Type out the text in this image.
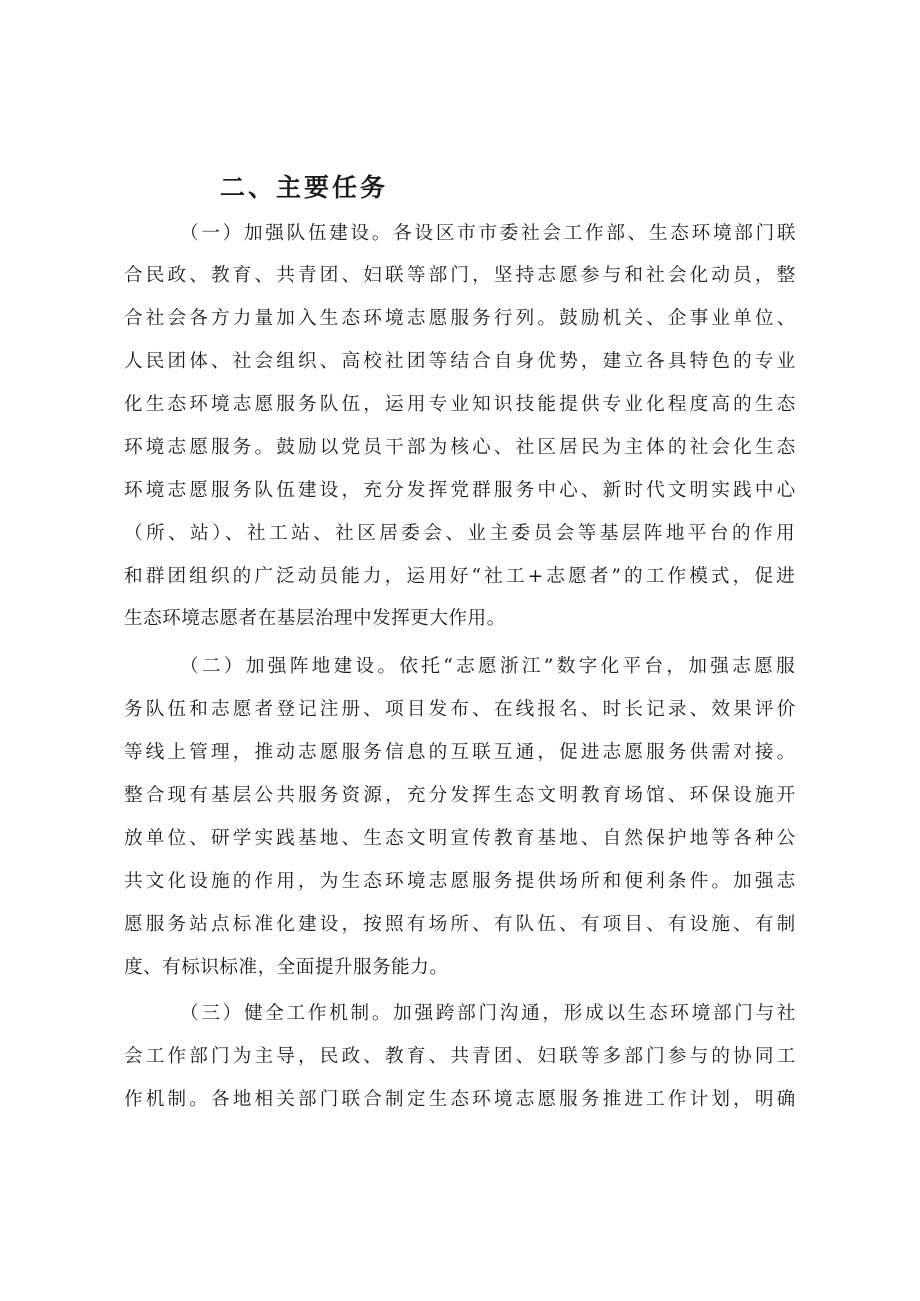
二、主要任务
（一）加强队伍建设。各设区市市委社会工作部、生态环境部门联
合民政、教育、共青团、妇联等部门，坚持志愿参与和社会化动员，整
合社会各方力量加入生态环境志愿服务行列。鼓励机关、企事业单位、
人民团体、社会组织、高校社团等结合自身优势，建立各具特色的专业
化生态环境志愿服务队伍，运用专业知识技能提供专业化程度高的生态
环境志愿服务。鼓励以党员干部为核心、社区居民为主体的社会化生态
环境志愿服务队伍建设，充分发挥党群服务中心、新时代文明实践中心
（所、站）、社工站、社区居委会、业主委员会等基层阵地平台的作用
和群团组织的广泛动员能力，运用好“社工+志愿者”的工作模式，促进
生态环境志愿者在基层治理中发挥更大作用。
（二）加强阵地建设。依托“志愿浙江”数字化平台，加强志愿服
务队伍和志愿者登记注册、项目发布、在线报名、时长记录、效果评价
等线上管理，推动志愿服务信息的互联互通，促进志愿服务供需对接。
整合现有基层公共服务资源，充分发挥生态文明教育场馆、环保设施开
放单位、研学实践基地、生态文明宣传教育基地、自然保护地等各种公
共文化设施的作用，为生态环境志愿服务提供场所和便利条件。加强志
愿服务站点标准化建设，按照有场所、有队伍、有项目、有设施、有制
度、有标识标准，全面提升服务能力。
（三）健全工作机制。加强跨部门沟通，形成以生态环境部门与社
会工作部门为主导，民政、教育、共青团、妇联等多部门参与的协同工
作机制。各地相关部门联合制定生态环境志愿服务推进工作计划，明确
